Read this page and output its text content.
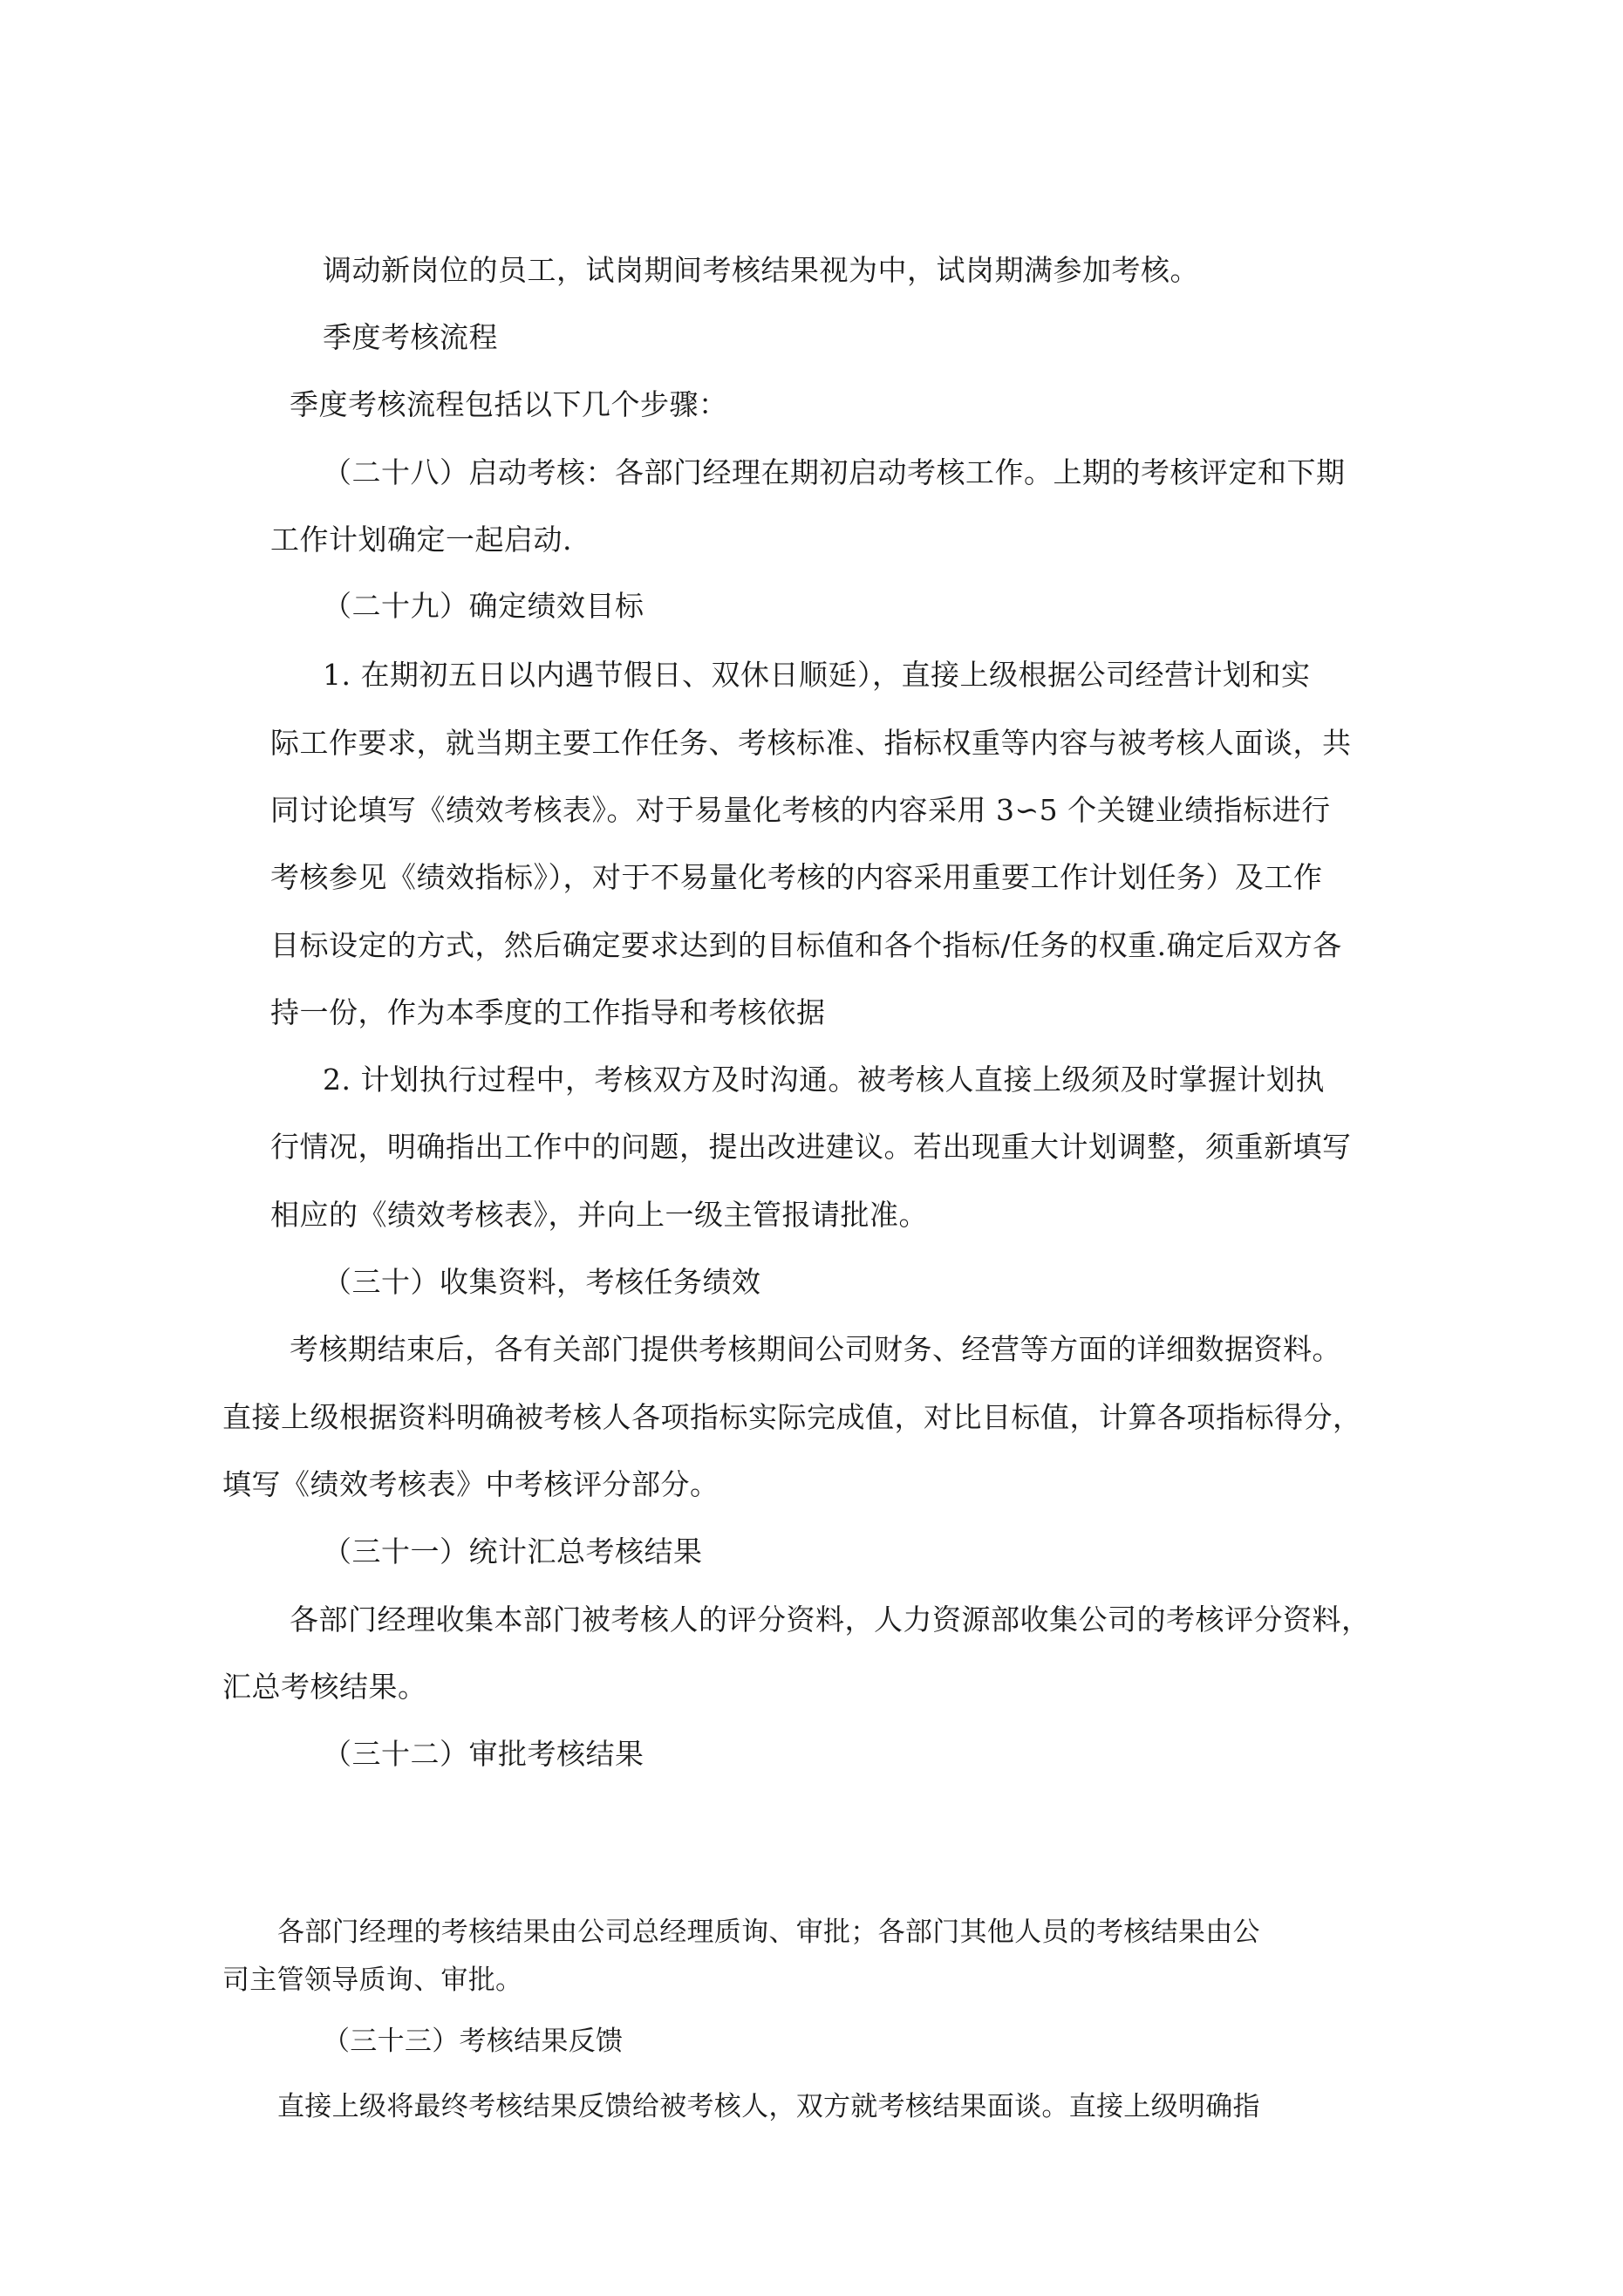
调动新岗位的员工，试岗期间考核结果视为中，试岗期满参加考核。
季度考核流程
季度考核流程包括以下几个步骤：
（二十八）启动考核：各部门经理在期初启动考核工作。上期的考核评定和下期
工作计划确定一起启动.
（二十九）确定绩效目标
1. 在期初五日以内遇节假日、双休日顺延），直接上级根据公司经营计划和实
际工作要求，就当期主要工作任务、考核标准、指标权重等内容与被考核人面谈，共
同讨论填写《绩效考核表》。对于易量化考核的内容采用 3∽5 个关键业绩指标进行
考核参见《绩效指标》），对于不易量化考核的内容采用重要工作计划任务）及工作
目标设定的方式，然后确定要求达到的目标值和各个指标/任务的权重.确定后双方各
持一份，作为本季度的工作指导和考核依据
2. 计划执行过程中，考核双方及时沟通。被考核人直接上级须及时掌握计划执
行情况，明确指出工作中的问题，提出改进建议。若出现重大计划调整，须重新填写
相应的《绩效考核表》，并向上一级主管报请批准。
（三十）收集资料，考核任务绩效
考核期结束后，各有关部门提供考核期间公司财务、经营等方面的详细数据资料。
直接上级根据资料明确被考核人各项指标实际完成值，对比目标值，计算各项指标得分，
填写《绩效考核表》中考核评分部分。
（三十一）统计汇总考核结果
各部门经理收集本部门被考核人的评分资料，人力资源部收集公司的考核评分资料，
汇总考核结果。
（三十二）审批考核结果
各部门经理的考核结果由公司总经理质询、审批；各部门其他人员的考核结果由公
司主管领导质询、审批。
（三十三）考核结果反馈
直接上级将最终考核结果反馈给被考核人，双方就考核结果面谈。直接上级明确指
